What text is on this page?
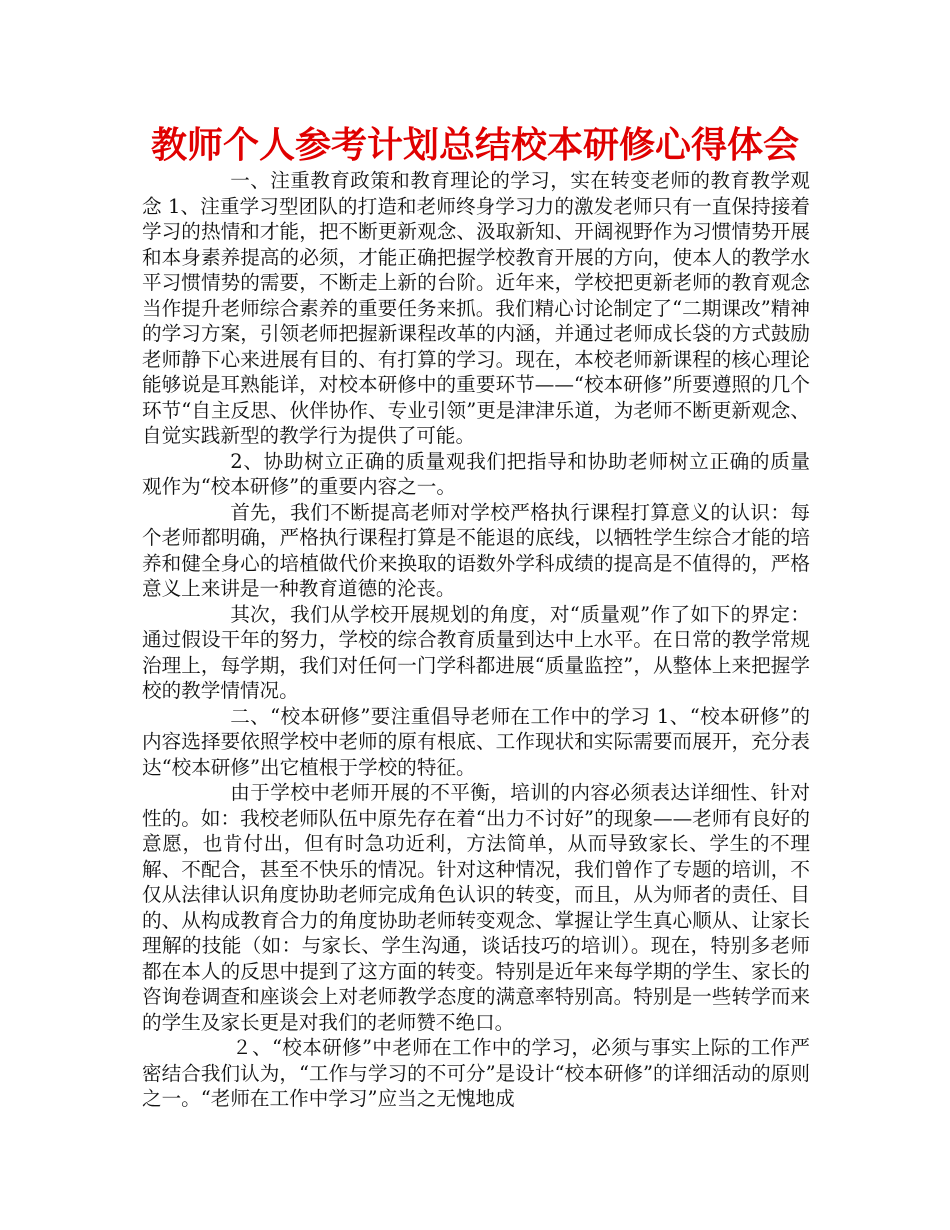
教师个人参考计划总结校本研修心得体会

一、注重教育政策和教育理论的学习，实在转变老师的教育教学观念 1、注重学习型团队的打造和老师终身学习力的激发老师只有一直保持接着学习的热情和才能，把不断更新观念、汲取新知、开阔视野作为习惯情势开展和本身素养提高的必须，才能正确把握学校教育开展的方向，使本人的教学水平习惯情势的需要，不断走上新的台阶。近年来，学校把更新老师的教育观念当作提升老师综合素养的重要任务来抓。我们精心讨论制定了“二期课改”精神的学习方案，引领老师把握新课程改革的内涵，并通过老师成长袋的方式鼓励老师静下心来进展有目的、有打算的学习。现在，本校老师新课程的核心理论能够说是耳熟能详，对校本研修中的重要环节——“校本研修”所要遵照的几个环节“自主反思、伙伴协作、专业引领”更是津津乐道，为老师不断更新观念、自觉实践新型的教学行为提供了可能。

2、协助树立正确的质量观我们把指导和协助老师树立正确的质量观作为“校本研修”的重要内容之一。

首先，我们不断提高老师对学校严格执行课程打算意义的认识：每个老师都明确，严格执行课程打算是不能退的底线，以牺牲学生综合才能的培养和健全身心的培植做代价来换取的语数外学科成绩的提高是不值得的，严格意义上来讲是一种教育道德的沦丧。

其次，我们从学校开展规划的角度，对“质量观”作了如下的界定：通过假设干年的努力，学校的综合教育质量到达中上水平。在日常的教学常规治理上，每学期，我们对任何一门学科都进展“质量监控”，从整体上来把握学校的教学情情况。

二、“校本研修”要注重倡导老师在工作中的学习 1、“校本研修”的内容选择要依照学校中老师的原有根底、工作现状和实际需要而展开，充分表达“校本研修”出它植根于学校的特征。

由于学校中老师开展的不平衡，培训的内容必须表达详细性、针对性的。如：我校老师队伍中原先存在着“出力不讨好”的现象——老师有良好的意愿，也肯付出，但有时急功近利，方法简单，从而导致家长、学生的不理解、不配合，甚至不快乐的情况。针对这种情况，我们曾作了专题的培训，不仅从法律认识角度协助老师完成角色认识的转变，而且，从为师者的责任、目的、从构成教育合力的角度协助老师转变观念、掌握让学生真心顺从、让家长理解的技能（如：与家长、学生沟通，谈话技巧的培训）。现在，特别多老师都在本人的反思中提到了这方面的转变。特别是近年来每学期的学生、家长的咨询卷调查和座谈会上对老师教学态度的满意率特别高。特别是一些转学而来的学生及家长更是对我们的老师赞不绝口。

２、“校本研修”中老师在工作中的学习，必须与事实上际的工作严密结合我们认为，“工作与学习的不可分”是设计“校本研修”的详细活动的原则之一。“老师在工作中学习”应当之无愧地成
